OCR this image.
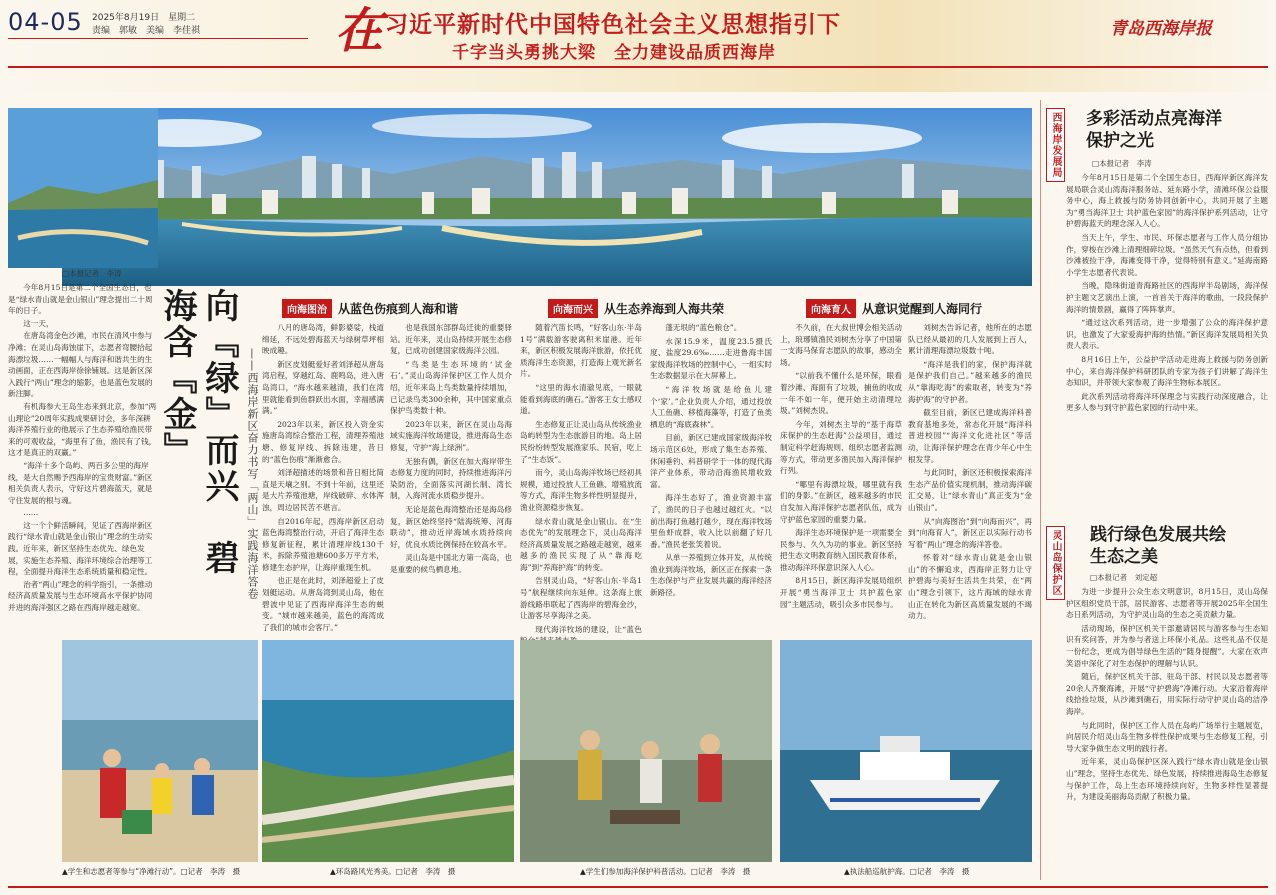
04-05 2025年8月19日　星期二
责编　郭敏　美编　李佳祺	在 习近平新时代中国特色社会主义思想指引下
千字当头勇挑大梁　全力建设品质西海岸
青岛西海岸报
□本报记者　李涛

今年8月15日是第二个全国生态日，也是“绿水青山就是金山银山”理念提出二十周年的日子。

这一天，

在唐岛湾金色沙滩，市民在清风中参与净滩；在灵山岛海蚀崖下，志愿者弯腰拾起海漂垃圾……一幅幅人与海洋和谐共生的生动画面，正在西海岸徐徐铺展。这是新区深入践行“两山”理念的缩影，也是蓝色发展的新注脚。

有机海参大王岛生态来到北京，参加“两山理论”20周年实践成果研讨会，多年深耕海洋养殖行业的他展示了生态养殖给渔民带来的可观收益，“海里有了鱼，渔民有了钱，这才是真正的双赢。”

“海洋十多个岛屿、两百多公里的海岸线，是大自然赐予西海岸的宝贵财富。”新区相关负责人表示，守好这片碧海蓝天，就是守住发展的根与魂。

……

这一个个鲜活瞬间，见证了西海岸新区践行“绿水青山就是金山银山”理念的生动实践。近年来，新区坚持生态优先、绿色发展，实施生态养殖、海洋环境综合治理等工程，全面提升海洋生态系统质量和稳定性。

治者“两山”理念的科学指引，一条推动经济高质量发展与生态环境高水平保护协同并进的海洋强区之路在西海岸越走越宽。

向『绿』而兴　碧海含『金』	——西海岸新区奋力书写「两山」实践海洋答卷
向海图治 从蓝色伤痕到人海和谐

八月的唐岛湾，鲜影婆娑，栈道绵延，不远处碧海蓝天与绿树草坪相映成趣。

新区皮划艇爱好者刘泽超从唐岛湾启程，穿越红岛、鹿鸣岛，进入唐岛湾口，“海水越来越清，我们在湾里就能看到鱼群跃出水面，幸福感满满。”

2023年以来，新区投入资金实施唐岛湾综合整治工程，清理养殖池塘、修复岸线、拆除违建，昔日的“蓝色伤痕”渐渐愈合。

刘泽超描述的场景和昔日相比简直是天壤之别。不到十年前，这里还是大片养殖池塘，岸线破碎、水体浑浊，周边居民苦不堪言。

自2016年起，西海岸新区启动蓝色海湾整治行动，开启了海洋生态修复新征程，累计清理岸线130千米，拆除养殖池塘600多万平方米，修建生态护岸，让海岸重现生机。

也正是在此时，刘泽超爱上了皮划艇运动。从唐岛湾到灵山岛，他在碧波中见证了西海岸海洋生态的蜕变。“城市越来越美，蓝色的海湾成了我们的城市会客厅。”

也是我国东部群岛迁徙的重要驿站。近年来，灵山岛持续开展生态修复，已成功创建国家级海洋公园。

“鸟类是生态环境的‘试金石’。”灵山岛海洋保护区工作人员介绍，近年来岛上鸟类数量持续增加，已记录鸟类300余种，其中国家重点保护鸟类数十种。

2023年以来，新区在灵山岛海域实施海洋牧场建设，推进海岛生态修复，守护“海上绿洲”。

无独有偶，新区在加大海岸带生态修复力度的同时，持续推进海洋污染防治，全面落实河湖长制、湾长制，入海河流水质稳步提升。

无论是蓝色海湾整治还是海岛修复，新区始终坚持“陆海统筹、河海联动”，推动近岸海域水质持续向好，优良水质比例保持在较高水平。

灵山岛是中国北方第一高岛，也是重要的候鸟栖息地。

向海而兴 从生态养海到人海共荣

随着汽笛长鸣，“好客山东·半岛1号”满载游客驶离积米崖港。近年来，新区积极发展海洋旅游，依托优质海洋生态资源，打造海上观光新名片。

“这里的海水清澈见底，一眼就能看到海底的礁石。”游客王女士感叹道。

生态修复正让灵山岛从传统渔业岛屿转型为生态旅游目的地。岛上居民纷纷转型发展渔家乐、民宿，吃上了“生态饭”。

而今，灵山岛海洋牧场已经初具规模，通过投放人工鱼礁、增殖放流等方式，海洋生物多样性明显提升，渔业资源稳步恢复。

绿水青山就是金山银山。在“生态优先”的发展理念下，灵山岛海洋经济高质量发展之路越走越宽，越来越多的渔民实现了从“靠海吃海”到“养海护海”的转变。

告别灵山岛，“好客山东·半岛1号”航程继续向东延伸。这条海上旅游线路串联起了西海岸的碧海金沙，让游客尽享海洋之美。

现代海洋牧场的建设，让“蓝色

蓬无垠的“蓝色粮仓”。

水深15.9米，温度23.5摄氏度、盐度29.6‰……走进鲁海丰国家级海洋牧场的控制中心，一组实时生态数据显示在大屏幕上。

“海洋牧场就是给鱼儿建个‘家’。”企业负责人介绍，通过投放人工鱼礁、移植海藻等，打造了鱼类栖息的“海底森林”。

目前，新区已建成国家级海洋牧场示范区6处，形成了集生态养殖、休闲垂钓、科普研学于一体的现代海洋产业体系，带动沿海渔民增收致富。

海洋生态好了，渔业资源丰富了，渔民的日子也越过越红火。“以前出海打鱼越打越少，现在海洋牧场里鱼虾成群，收入比以前翻了好几番。”渔民老张笑着说。

从单一养殖到立体开发，从传统渔业到海洋牧场，新区正在探索一条生态保护与产业发展共赢的海洋经济新路径。

向海育人 从意识觉醒到人海同行

不久前，在大叔世博会相关活动上，琅琊镇渔民刘树杰分享了中国第一支海马保育志愿队的故事，感动全场。

“以前我不懂什么是环保，眼看着沙滩、海面有了垃圾，捕鱼的收成一年不如一年，便开始主动清理垃圾。”刘树杰说。

今年，刘树杰主导的“基于海草床保护的生态赶海”公益项目，通过制定科学赶海规则、组织志愿者监测等方式，带动更多渔民加入海洋保护行列。

“哪里有海漂垃圾，哪里就有我们的身影。”在新区，越来越多的市民自发加入海洋保护志愿者队伍，成为守护蓝色家园的重要力量。

海洋生态环境保护是一项需要全民参与、久久为功的事业。新区坚持把生态文明教育纳入国民教育体系，推动海洋环保意识深入人心。

8月15日，新区海洋发展局组织开展“勇当海洋卫士 共护蓝色家园”主题活动，吸引众多市民参与。

刘树杰告诉记者，他所在的志愿队已经从最初的几人发展到上百人，累计清理海漂垃圾数十吨。

“海洋是我们的家，保护海洋就是保护我们自己。”越来越多的渔民从“靠海吃海”的索取者，转变为“养海护海”的守护者。

截至目前，新区已建成海洋科普教育基地多处，常态化开展“海洋科普进校园”“海洋文化进社区”等活动，让海洋保护理念在青少年心中生根发芽。

与此同时，新区还积极探索海洋生态产品价值实现机制，推动海洋碳汇交易，让“绿水青山”真正变为“金山银山”。

从“向海图治”到“向海而兴”，再到“向海育人”，新区正以实际行动书写着“两山”理念的海洋答卷。

怀着对“绿水青山就是金山银山”的不懈追求，西海岸正努力让守护碧海与美好生活共生共荣，在“两山”理念引领下，这片海域的绿水青山正在转化为新区高质量发展的不竭动力。

▲学生和志愿者等参与“净滩行动”。□记者　李涛　摄	▲环岛路风光秀美。□记者　李涛　摄	▲学生们参加海洋保护科普活动。□记者　李涛　摄	▲执法船巡航护海。□记者　李涛　摄
西海岸发展局 多彩活动点亮海洋保护之光
□本报记者　李涛

今年8月15日是第二个全国生态日，西海岸新区海洋发展局联合灵山湾海洋服务站、延东路小学，清滩环保公益服务中心，海上救援与防务协同创新中心，共同开展了主题为“勇当海洋卫士 共护蓝色家园”的海洋保护系列活动，让守护碧海蓝天的理念深入人心。

当天上午，学生、市民、环保志愿者与工作人员分组协作，穿梭在沙滩上清理细碎垃圾。“虽然天气有点热，但看到沙滩被捡干净，海滩变得干净，觉得特别有意义。”延海南路小学生志愿者代表说。

当晚，隐珠街道青海路社区的西海岸半岛剧场，海洋保护主题文艺演出上演，一首首关于海洋的歌曲，一段段保护海洋的情景剧，赢得了阵阵掌声。

“通过这次系列活动，进一步增强了公众的海洋保护意识，也激发了大家爱海护海的热情。”新区海洋发展局相关负责人表示。

8月16日上午，公益护学活动走进海上救援与防务创新中心，来自海洋保护科研团队的专家为孩子们讲解了海洋生态知识，并带领大家参观了海洋生物标本展区。

此次系列活动将海洋环保理念与实践行动深度融合，让更多人参与到守护蓝色家园的行动中来。

灵山岛保护区 践行绿色发展共绘生态之美
□本报记者　刘定超

为进一步提升公众生态文明意识，8月15日，灵山岛保护区组织党员干部，居民游客、志愿者等开展2025年全国生态日系列活动，为守护灵山岛的生态之美贡献力量。

活动现场，保护区机关干部邀请居民与游客参与生态知识有奖问答，并为参与者送上环保小礼品。这些礼品不仅是一份纪念，更成为倡导绿色生活的“随身提醒”。大家在欢声笑语中深化了对生态保护的理解与认识。

随后，保护区机关干部、驻岛干部、村民以及志愿者等20余人齐聚海滩，开展“守护碧海”净滩行动。大家沿着海岸线拾捡垃圾，从沙滩到礁石，用实际行动守护灵山岛的洁净海岸。

与此同时，保护区工作人员在岛屿广场举行主题展览，向居民介绍灵山岛生物多样性保护成果与生态修复工程，引导大家争做生态文明的践行者。

近年来，灵山岛保护区深入践行“绿水青山就是金山银山”理念，坚持生态优先、绿色发展，持续推进海岛生态修复与保护工作，岛上生态环境持续向好，生物多样性显著提升，为建设美丽海岛贡献了积极力量。
